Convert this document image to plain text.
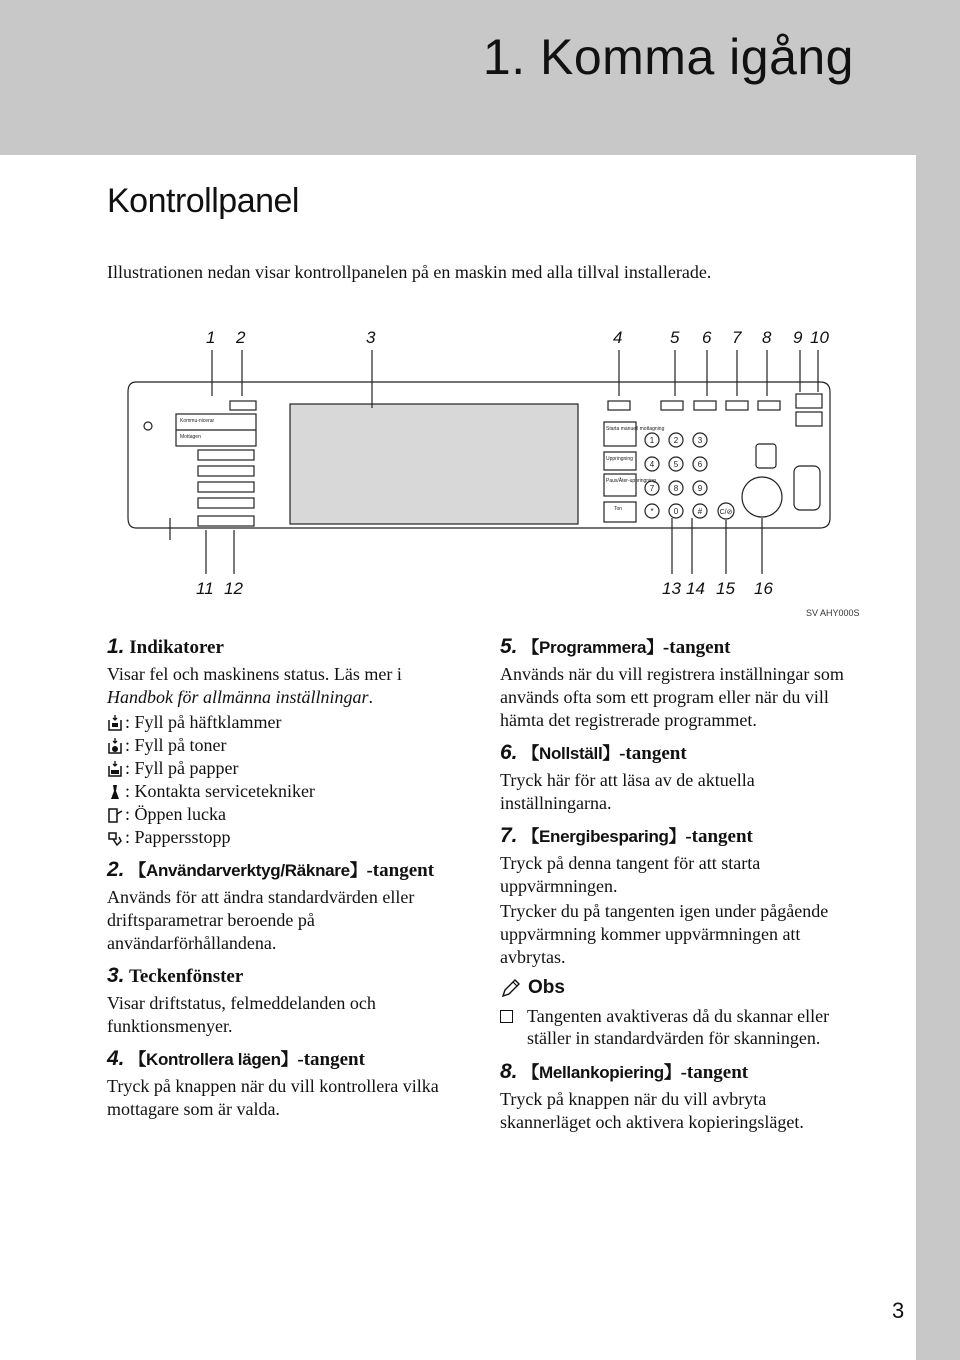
1. Komma igång
Kontrollpanel
Illustrationen nedan visar kontrollpanelen på en maskin med alla tillval installerade.
Kommu-nicerar
Mottagen
Starta manuell mottagning
Uppringning
Paus/Åter-uppringning
Ton
1 2 3
4 5 6
7 8 9
*	0 # C/⊘
1 2	3	4	5 6 7 8 9 10
11 12	13 14 15 16
SV AHY000S

1. Indikatorer

Visar fel och maskinens status. Läs mer i Handbok för allmänna inställningar.

: Fyll på häftklammer
: Fyll på toner
: Fyll på papper
: Kontakta servicetekniker
: Öppen lucka
: Pappersstopp

2. 【Användarverktyg/Räknare】-tangent

Används för att ändra standardvärden eller driftsparametrar beroende på användarförhållandena.

3. Teckenfönster

Visar driftstatus, felmeddelanden och funktionsmenyer.

4. 【Kontrollera lägen】-tangent

Tryck på knappen när du vill kontrollera vilka mottagare som är valda.

5. 【Programmera】-tangent

Används när du vill registrera inställningar som används ofta som ett program eller när du vill hämta det registrerade programmet.

6. 【Nollställ】-tangent

Tryck här för att läsa av de aktuella inställningarna.

7. 【Energibesparing】-tangent

Tryck på denna tangent för att starta uppvärmningen.

Trycker du på tangenten igen under pågående uppvärmning kommer uppvärmningen att avbrytas.

Obs
Tangenten avaktiveras då du skannar eller ställer in standardvärden för skanningen.

8. 【Mellankopiering】-tangent

Tryck på knappen när du vill avbryta skannerläget och aktivera kopieringsläget.

3
